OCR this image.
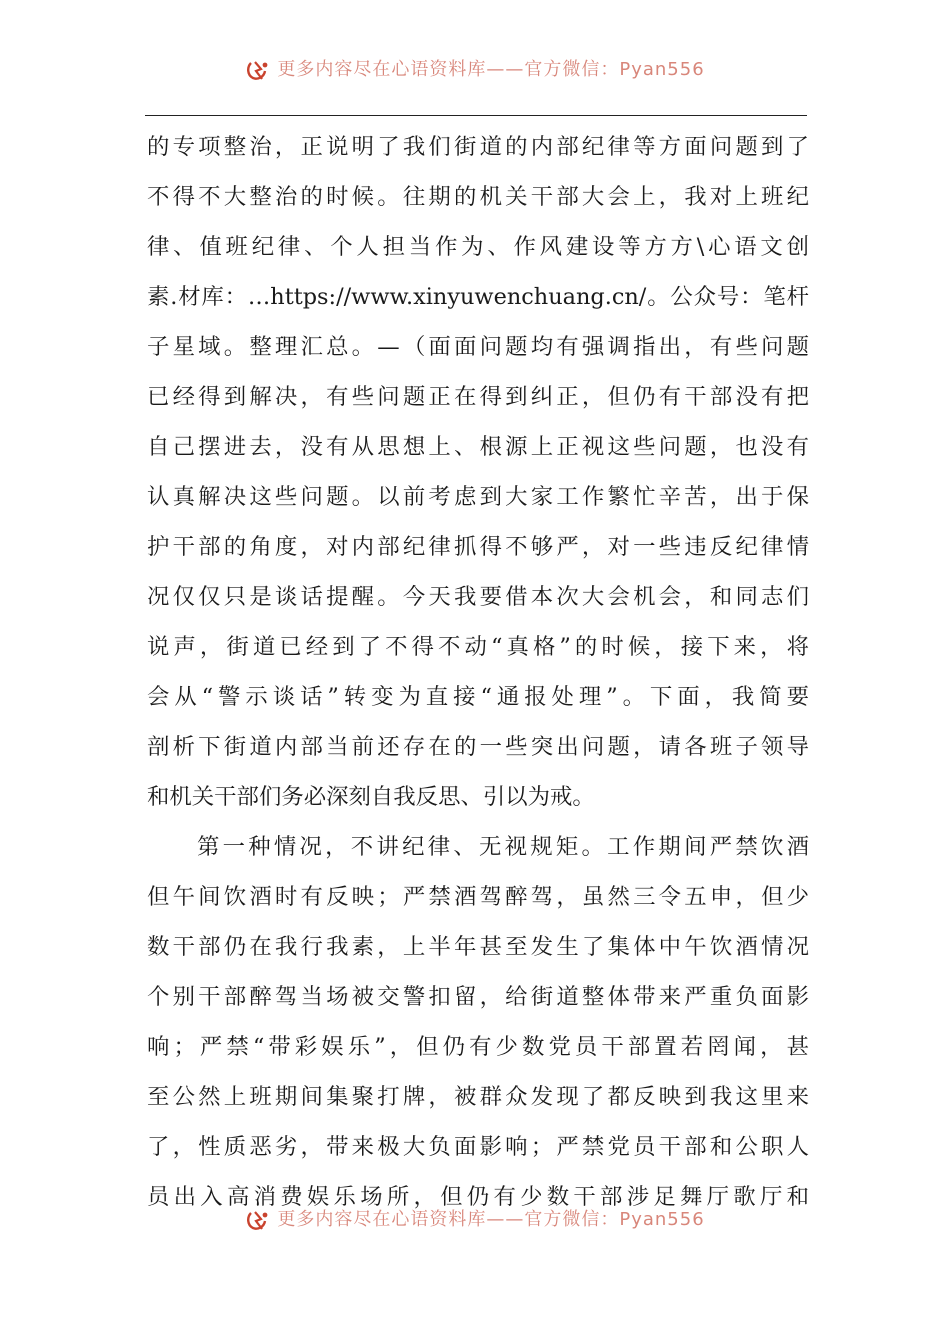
更多内容尽在心语资料库——官方微信：Pyan556
的专项整治，正说明了我们街道的内部纪律等方面问题到了
不得不大整治的时候。往期的机关干部大会上，我对上班纪
律、值班纪律、个人担当作为、作风建设等方方\心语文创
素.材库：…https://www.xinyuwenchuang.cn/。公众号：笔杆
子星域。整理汇总。—（面面问题均有强调指出，有些问题
已经得到解决，有些问题正在得到纠正，但仍有干部没有把
自己摆进去，没有从思想上、根源上正视这些问题，也没有
认真解决这些问题。以前考虑到大家工作繁忙辛苦，出于保
护干部的角度，对内部纪律抓得不够严，对一些违反纪律情
况仅仅只是谈话提醒。今天我要借本次大会机会，和同志们
说声，街道已经到了不得不动“真格”的时候，接下来，将
会从“警示谈话”转变为直接“通报处理”。下面，我简要
剖析下街道内部当前还存在的一些突出问题，请各班子领导
和机关干部们务必深刻自我反思、引以为戒。
第一种情况，不讲纪律、无视规矩。工作期间严禁饮酒
但午间饮酒时有反映；严禁酒驾醉驾，虽然三令五申，但少
数干部仍在我行我素，上半年甚至发生了集体中午饮酒情况
个别干部醉驾当场被交警扣留，给街道整体带来严重负面影
响；严禁“带彩娱乐”，但仍有少数党员干部置若罔闻，甚
至公然上班期间集聚打牌，被群众发现了都反映到我这里来
了，性质恶劣，带来极大负面影响；严禁党员干部和公职人
员出入高消费娱乐场所，但仍有少数干部涉足舞厅歌厅和
更多内容尽在心语资料库——官方微信：Pyan556
